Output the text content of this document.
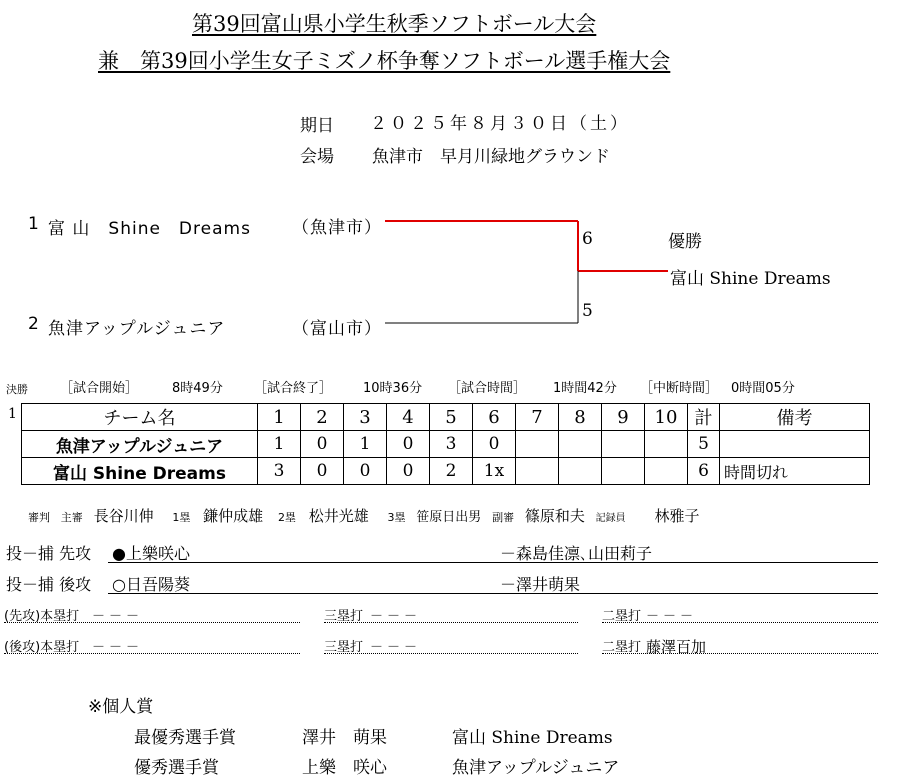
第39回富山県小学生秋季ソフトボール大会
兼　第39回小学生女子ミズノ杯争奪ソフトボール選手権大会
期日 ２０２５年８月３０日（土）
会場 魚津市　早月川緑地グラウンド
1 富 山　Shine　Dreams （魚津市）
2 魚津アップルジュニア	（富山市）
6
5
優勝
富山 Shine Dreams
決勝 ［試合開始］	8時49分 ［試合終了］ 10時36分 ［試合時間］ 1時間42分 ［中断時間］ 0時間05分
1	チーム名	1	2	3	4	5	6	7	8	9	10	計	備考
魚津アップルジュニア	1	0	1	0	3	0					5	
富山 Shine Dreams	3	0	0	0	2	1x					6	時間切れ
審判 主審 長谷川伸 1塁 鎌仲成雄 2塁 松井光雄 3塁 笹原日出男 副審 篠原和夫 記録員 林雅子
投－捕 先攻 ●上樂咲心	－森島佳凛､山田莉子
投－捕 後攻 ○日吾陽葵	－澤井萌果
(先攻)本塁打 －－－	三塁打 －－－	二塁打 －－－
(後攻)本塁打 －－－	三塁打 －－－	二塁打 藤澤百加
※個人賞
最優秀選手賞	澤井　萌果	富山 Shine Dreams
優秀選手賞	上樂　咲心	魚津アップルジュニア
